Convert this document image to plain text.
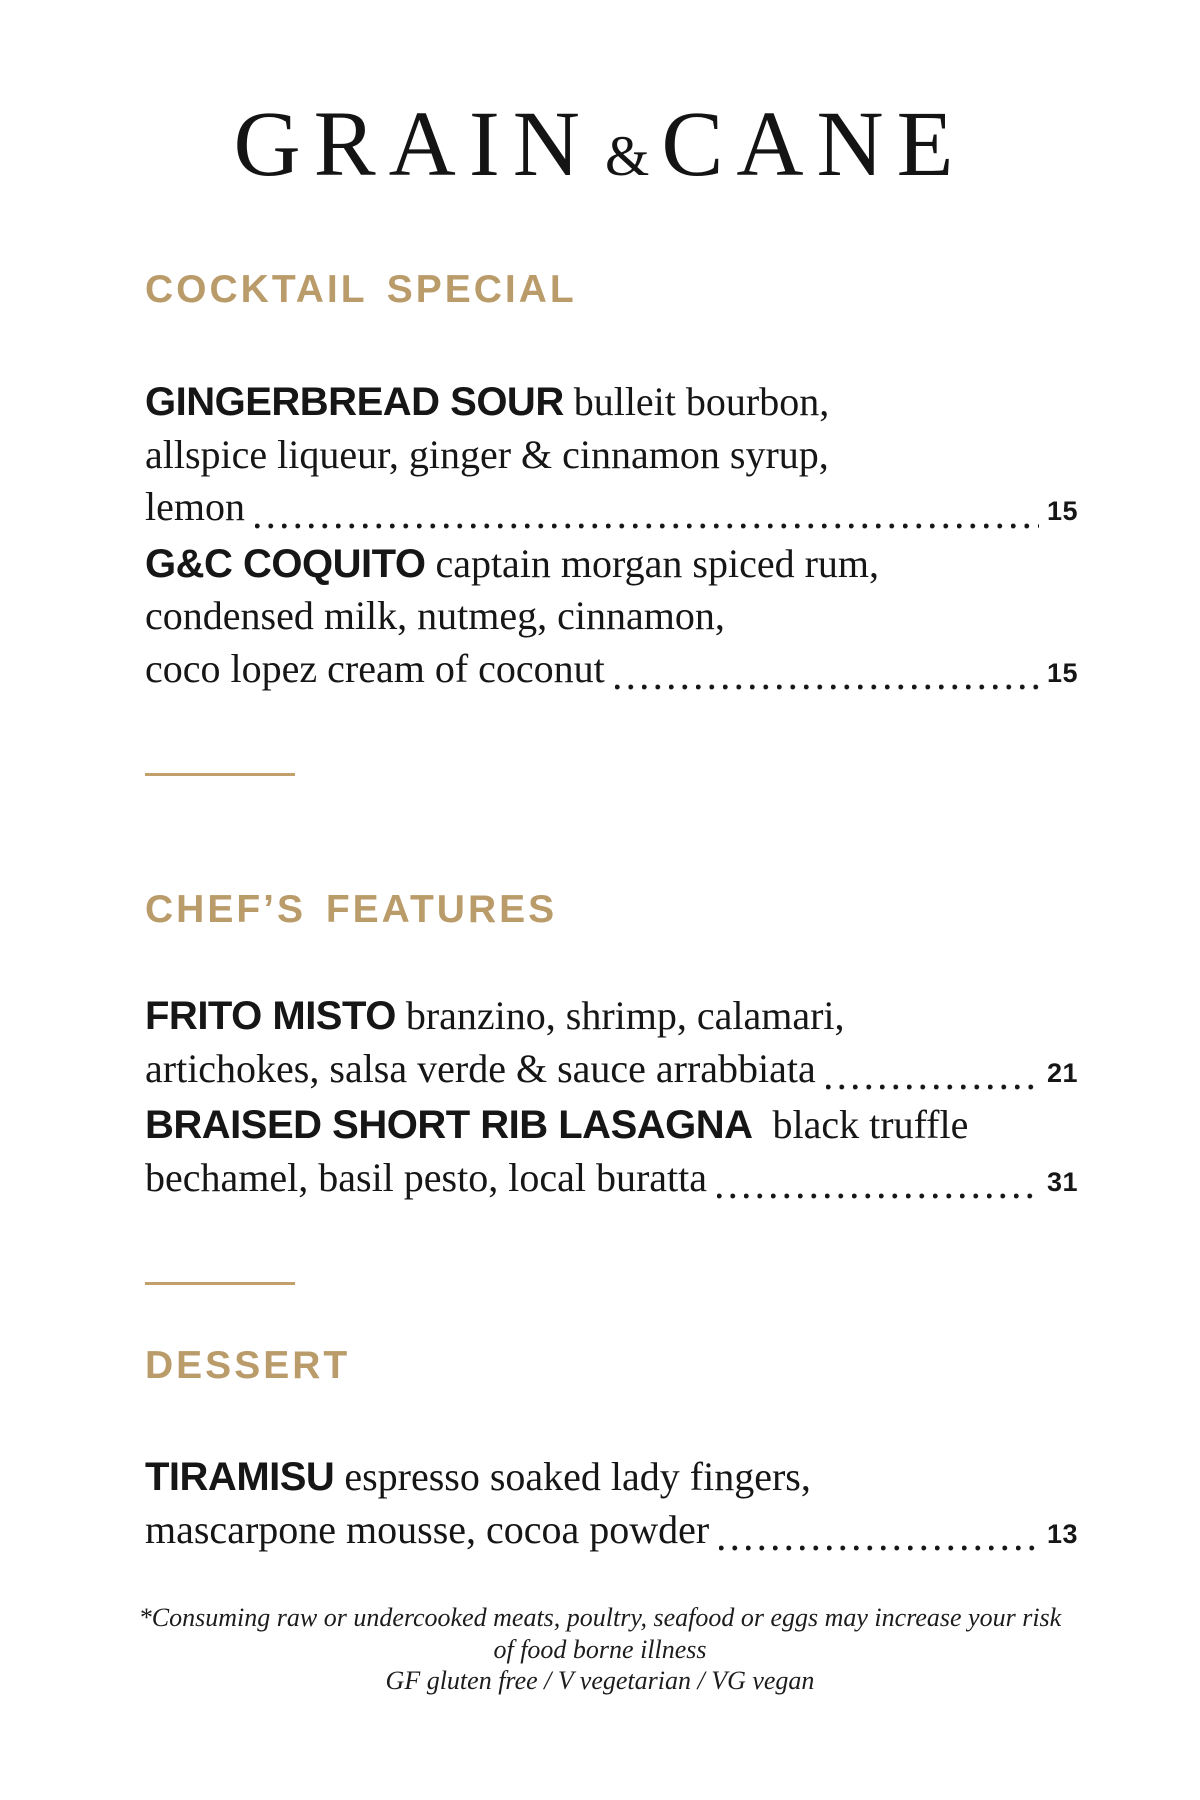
GRAIN & CANE
COCKTAIL SPECIAL
GINGERBREAD SOUR bulleit bourbon,
allspice liqueur, ginger & cinnamon syrup,
lemon	15
G&C COQUITO captain morgan spiced rum,
condensed milk, nutmeg, cinnamon,
coco lopez cream of coconut	15
CHEF’S FEATURES
FRITO MISTO branzino, shrimp, calamari,
artichokes, salsa verde & sauce arrabbiata	21
BRAISED SHORT RIB LASAGNA  black truffle
bechamel, basil pesto, local buratta	31
DESSERT
TIRAMISU espresso soaked lady fingers,
mascarpone mousse, cocoa powder	13
*Consuming raw or undercooked meats, poultry, seafood or eggs may increase your risk
of food borne illness
GF gluten free / V vegetarian / VG vegan
